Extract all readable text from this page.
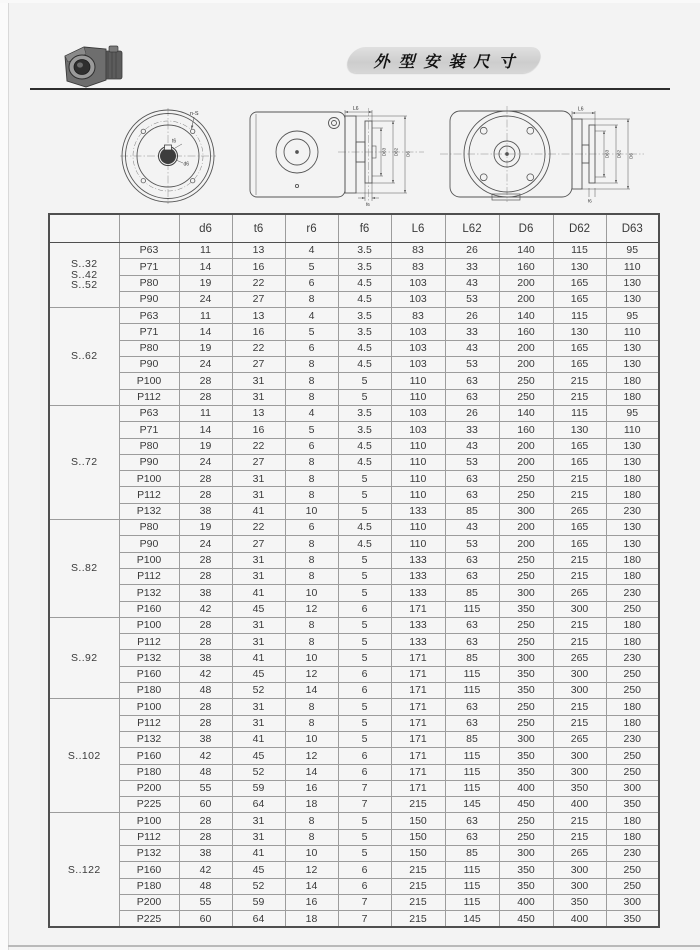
外型安装尺寸
n-S
t6
d6
L6
D63 D62 D6
f6
L6
D63 D62 D6
f6
		d6	t6	r6	f6	L6	L62	D6	D62	D63

S..32
S..42
S..52	P63	11	13	4	3.5	83	26	140	115	95
	P71	14	16	5	3.5	83	33	160	130	110
	P80	19	22	6	4.5	103	43	200	165	130
	P90	24	27	8	4.5	103	53	200	165	130

S..62	P63	11	13	4	3.5	83	26	140	115	95
	P71	14	16	5	3.5	103	33	160	130	110
	P80	19	22	6	4.5	103	43	200	165	130
	P90	24	27	8	4.5	103	53	200	165	130
	P100	28	31	8	5	110	63	250	215	180
	P112	28	31	8	5	110	63	250	215	180

S..72	P63	11	13	4	3.5	103	26	140	115	95
	P71	14	16	5	3.5	103	33	160	130	110
	P80	19	22	6	4.5	110	43	200	165	130
	P90	24	27	8	4.5	110	53	200	165	130
	P100	28	31	8	5	110	63	250	215	180
	P112	28	31	8	5	110	63	250	215	180
	P132	38	41	10	5	133	85	300	265	230

S..82	P80	19	22	6	4.5	110	43	200	165	130
	P90	24	27	8	4.5	110	53	200	165	130
	P100	28	31	8	5	133	63	250	215	180
	P112	28	31	8	5	133	63	250	215	180
	P132	38	41	10	5	133	85	300	265	230
	P160	42	45	12	6	171	115	350	300	250

S..92	P100	28	31	8	5	133	63	250	215	180
	P112	28	31	8	5	133	63	250	215	180
	P132	38	41	10	5	171	85	300	265	230
	P160	42	45	12	6	171	115	350	300	250
	P180	48	52	14	6	171	115	350	300	250

S..102	P100	28	31	8	5	171	63	250	215	180
	P112	28	31	8	5	171	63	250	215	180
	P132	38	41	10	5	171	85	300	265	230
	P160	42	45	12	6	171	115	350	300	250
	P180	48	52	14	6	171	115	350	300	250
	P200	55	59	16	7	171	115	400	350	300
	P225	60	64	18	7	215	145	450	400	350

S..122	P100	28	31	8	5	150	63	250	215	180
	P112	28	31	8	5	150	63	250	215	180
	P132	38	41	10	5	150	85	300	265	230
	P160	42	45	12	6	215	115	350	300	250
	P180	48	52	14	6	215	115	350	300	250
	P200	55	59	16	7	215	115	400	350	300
	P225	60	64	18	7	215	145	450	400	350
